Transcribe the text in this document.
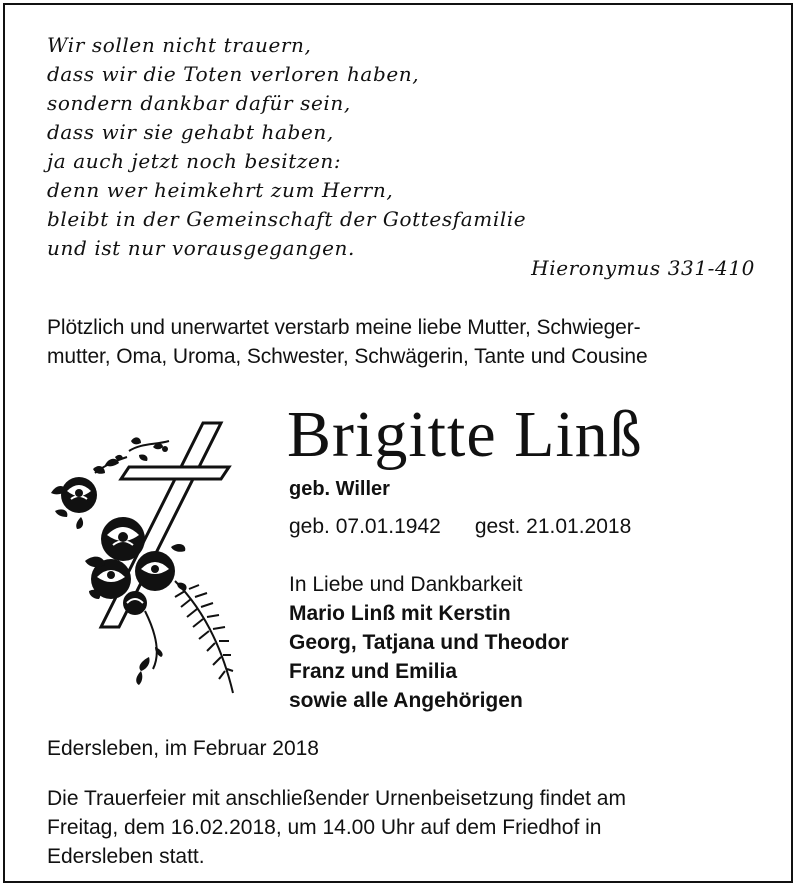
Wir sollen nicht trauern,
dass wir die Toten verloren haben,
sondern dankbar dafür sein,
dass wir sie gehabt haben,
ja auch jetzt noch besitzen:
denn wer heimkehrt zum Herrn,
bleibt in der Gemeinschaft der Gottesfamilie
und ist nur vorausgegangen.
Hieronymus 331-410
Plötzlich und unerwartet verstarb meine liebe Mutter, Schwieger-
mutter, Oma, Uroma, Schwester, Schwägerin, Tante und Cousine
Brigitte Linß
geb. Willer
geb. 07.01.1942 gest. 21.01.2018
In Liebe und Dankbarkeit
Mario Linß mit Kerstin
Georg, Tatjana und Theodor
Franz und Emilia
sowie alle Angehörigen
Edersleben, im Februar 2018
Die Trauerfeier mit anschließender Urnenbeisetzung findet am
Freitag, dem 16.02.2018, um 14.00 Uhr auf dem Friedhof in
Edersleben statt.
